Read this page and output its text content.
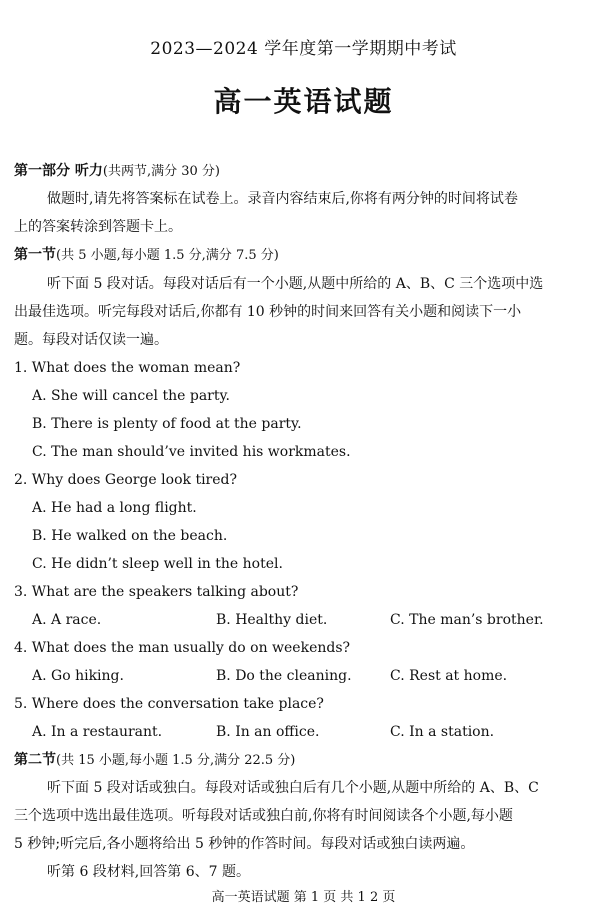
2023—2024 学年度第一学期期中考试
高一英语试题
第一部分 听力(共两节,满分 30 分)
做题时,请先将答案标在试卷上。录音内容结束后,你将有两分钟的时间将试卷
上的答案转涂到答题卡上。
第一节(共 5 小题,每小题 1.5 分,满分 7.5 分)
听下面 5 段对话。每段对话后有一个小题,从题中所给的 A、B、C 三个选项中选
出最佳选项。听完每段对话后,你都有 10 秒钟的时间来回答有关小题和阅读下一小
题。每段对话仅读一遍。
1. What does the woman mean?
A. She will cancel the party.
B. There is plenty of food at the party.
C. The man should’ve invited his workmates.
2. Why does George look tired?
A. He had a long flight.
B. He walked on the beach.
C. He didn’t sleep well in the hotel.
3. What are the speakers talking about?
A. A race.	B. Healthy diet.	C. The man’s brother.
4. What does the man usually do on weekends?
A. Go hiking.	B. Do the cleaning.	C. Rest at home.
5. Where does the conversation take place?
A. In a restaurant.	B. In an office.	C. In a station.
第二节(共 15 小题,每小题 1.5 分,满分 22.5 分)
听下面 5 段对话或独白。每段对话或独白后有几个小题,从题中所给的 A、B、C
三个选项中选出最佳选项。听每段对话或独白前,你将有时间阅读各个小题,每小题
5 秒钟;听完后,各小题将给出 5 秒钟的作答时间。每段对话或独白读两遍。
听第 6 段材料,回答第 6、7 题。
高一英语试题 第 1 页 共 1 2 页
